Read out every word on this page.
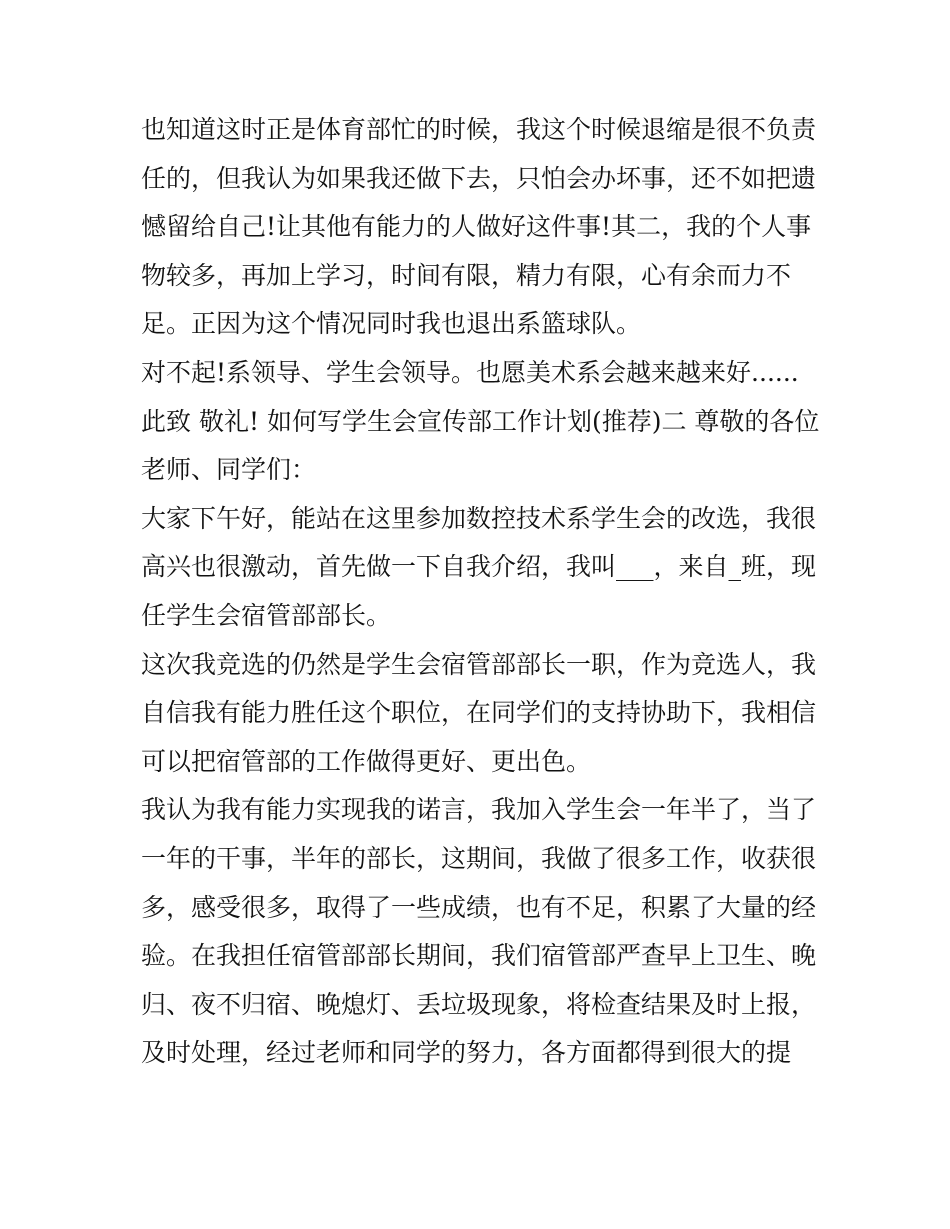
也知道这时正是体育部忙的时候，我这个时候退缩是很不负责
任的，但我认为如果我还做下去，只怕会办坏事，还不如把遗
憾留给自己!让其他有能力的人做好这件事!其二，我的个人事
物较多，再加上学习，时间有限，精力有限，心有余而力不
足。正因为这个情况同时我也退出系篮球队。
对不起!系领导、学生会领导。也愿美术系会越来越来好......
此致 敬礼! 如何写学生会宣传部工作计划(推荐)二 尊敬的各位
老师、同学们：
大家下午好，能站在这里参加数控技术系学生会的改选，我很
高兴也很激动，首先做一下自我介绍，我叫___，来自_班，现
任学生会宿管部部长。
这次我竞选的仍然是学生会宿管部部长一职，作为竞选人，我
自信我有能力胜任这个职位，在同学们的支持协助下，我相信
可以把宿管部的工作做得更好、更出色。
我认为我有能力实现我的诺言，我加入学生会一年半了，当了
一年的干事，半年的部长，这期间，我做了很多工作，收获很
多，感受很多，取得了一些成绩，也有不足，积累了大量的经
验。在我担任宿管部部长期间，我们宿管部严查早上卫生、晚
归、夜不归宿、晚熄灯、丢垃圾现象，将检查结果及时上报，
及时处理，经过老师和同学的努力，各方面都得到很大的提
